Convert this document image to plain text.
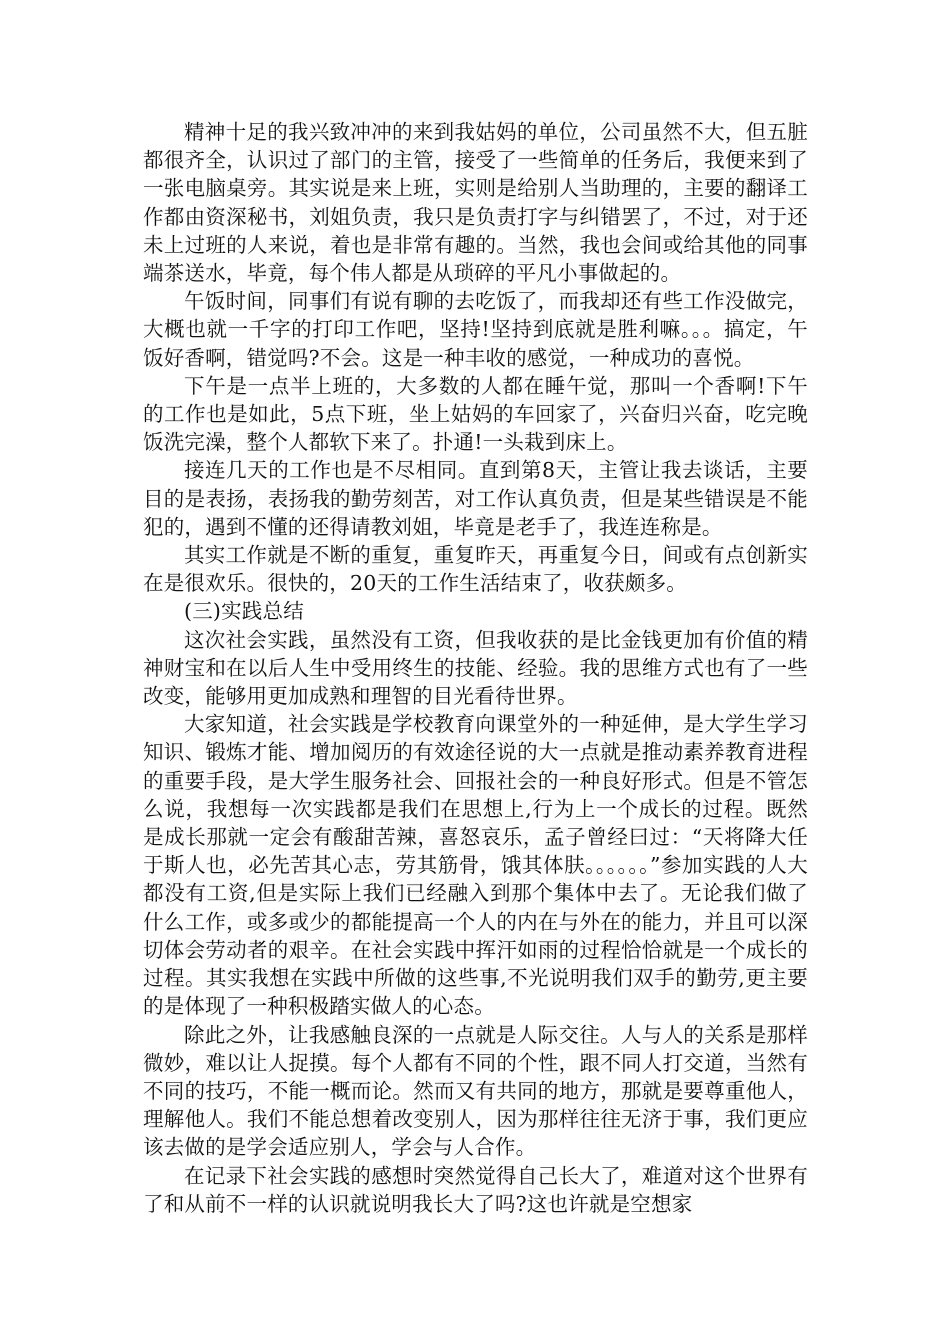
精神十足的我兴致冲冲的来到我姑妈的单位，公司虽然不大，但五脏都很齐全，认识过了部门的主管，接受了一些简单的任务后，我便来到了一张电脑桌旁。其实说是来上班，实则是给别人当助理的，主要的翻译工作都由资深秘书，刘姐负责，我只是负责打字与纠错罢了，不过，对于还未上过班的人来说，着也是非常有趣的。当然，我也会间或给其他的同事端茶送水，毕竟，每个伟人都是从琐碎的平凡小事做起的。

午饭时间，同事们有说有聊的去吃饭了，而我却还有些工作没做完，大概也就一千字的打印工作吧，坚持!坚持到底就是胜利嘛。。。搞定，午饭好香啊，错觉吗?不会。这是一种丰收的感觉，一种成功的喜悦。

下午是一点半上班的，大多数的人都在睡午觉，那叫一个香啊!下午的工作也是如此，5点下班，坐上姑妈的车回家了，兴奋归兴奋，吃完晚饭洗完澡，整个人都软下来了。扑通!一头栽到床上。

接连几天的工作也是不尽相同。直到第8天，主管让我去谈话，主要目的是表扬，表扬我的勤劳刻苦，对工作认真负责，但是某些错误是不能犯的，遇到不懂的还得请教刘姐，毕竟是老手了，我连连称是。

其实工作就是不断的重复，重复昨天，再重复今日，间或有点创新实在是很欢乐。很快的，20天的工作生活结束了，收获颇多。

(三)实践总结

这次社会实践，虽然没有工资，但我收获的是比金钱更加有价值的精神财宝和在以后人生中受用终生的技能、经验。我的思维方式也有了一些改变，能够用更加成熟和理智的目光看待世界。

大家知道，社会实践是学校教育向课堂外的一种延伸，是大学生学习知识、锻炼才能、增加阅历的有效途径说的大一点就是推动素养教育进程的重要手段，是大学生服务社会、回报社会的一种良好形式。但是不管怎么说，我想每一次实践都是我们在思想上,行为上一个成长的过程。既然是成长那就一定会有酸甜苦辣，喜怒哀乐，孟子曾经曰过：“天将降大任于斯人也，必先苦其心志，劳其筋骨，饿其体肤。。。。。。”参加实践的人大都没有工资,但是实际上我们已经融入到那个集体中去了。无论我们做了什么工作，或多或少的都能提高一个人的内在与外在的能力，并且可以深切体会劳动者的艰辛。在社会实践中挥汗如雨的过程恰恰就是一个成长的过程。其实我想在实践中所做的这些事,不光说明我们双手的勤劳,更主要的是体现了一种积极踏实做人的心态。

除此之外，让我感触良深的一点就是人际交往。人与人的关系是那样微妙，难以让人捉摸。每个人都有不同的个性，跟不同人打交道，当然有不同的技巧，不能一概而论。然而又有共同的地方，那就是要尊重他人，理解他人。我们不能总想着改变别人，因为那样往往无济于事，我们更应该去做的是学会适应别人，学会与人合作。

在记录下社会实践的感想时突然觉得自己长大了，难道对这个世界有了和从前不一样的认识就说明我长大了吗?这也许就是空想家
